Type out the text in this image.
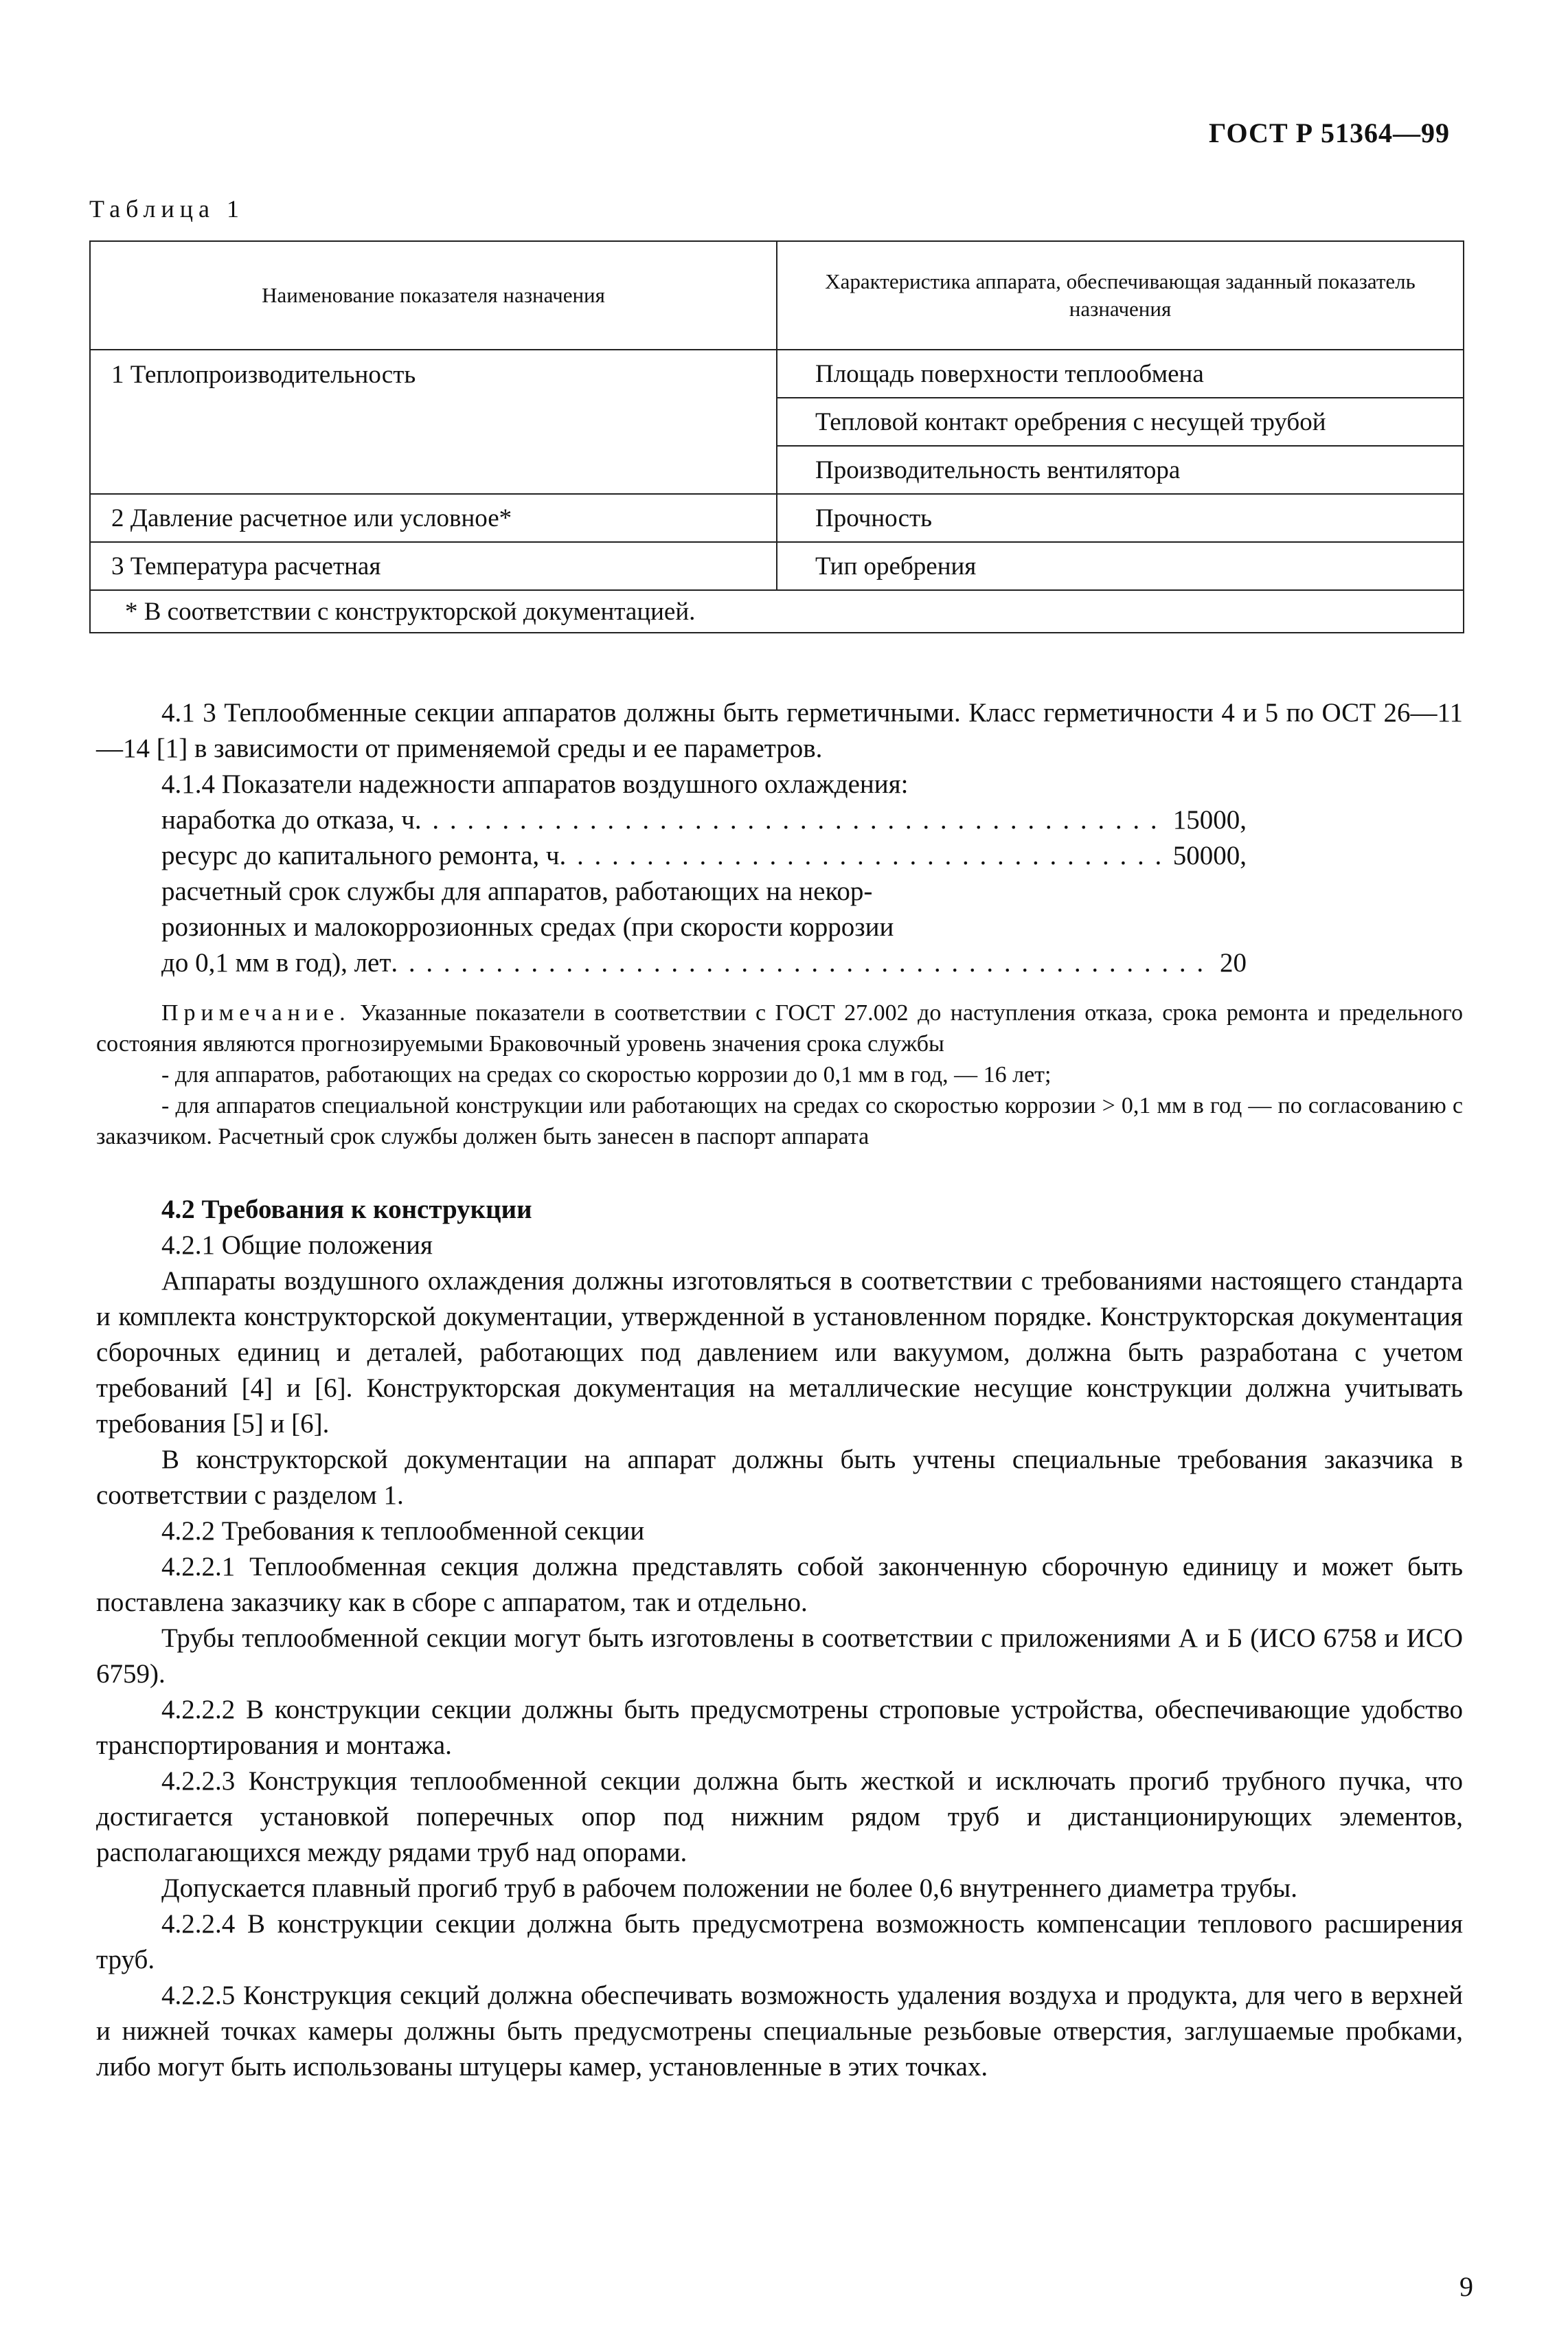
ГОСТ Р 51364—99
Таблица 1
Наименование показателя назначения	Характеристика аппарата, обеспечивающая заданный показатель назначения
1 Теплопроизводительность	Площадь поверхности теплообмена
	Тепловой контакт оребрения с несущей трубой
	Производительность вентилятора
2 Давление расчетное или условное*	Прочность
3 Температура расчетная	Тип оребрения
* В соответствии с конструкторской документацией.	

4.1 3 Теплообменные секции аппаратов должны быть герметичными. Класс герметичности 4 и 5 по ОСТ 26—11—14 [1] в зависимости от применяемой среды и ее параметров.

4.1.4 Показатели надежности аппаратов воздушного охлаждения:

наработка до отказа, ч . . .	15000,
ресурс до капитального ремонта, ч . . .	50000,
расчетный срок службы для аппаратов, работающих на некор-
розионных и малокоррозионных средах (при скорости коррозии
до 0,1 мм в год), лет . . .	20

Примечание. Указанные показатели в соответствии с ГОСТ 27.002 до наступления отказа, срока ремонта и предельного состояния являются прогнозируемыми Браковочный уровень значения срока службы

- для аппаратов, работающих на средах со скоростью коррозии до 0,1 мм в год, — 16 лет;

- для аппаратов специальной конструкции или работающих на средах со скоростью коррозии > 0,1 мм в год — по согласованию с заказчиком. Расчетный срок службы должен быть занесен в паспорт аппарата

4.2 Требования к конструкции

4.2.1 Общие положения

Аппараты воздушного охлаждения должны изготовляться в соответствии с требованиями настоящего стандарта и комплекта конструкторской документации, утвержденной в установленном порядке. Конструкторская документация сборочных единиц и деталей, работающих под давлением или вакуумом, должна быть разработана с учетом требований [4] и [6]. Конструкторская документация на металлические несущие конструкции должна учитывать требования [5] и [6].

В конструкторской документации на аппарат должны быть учтены специальные требования заказчика в соответствии с разделом 1.

4.2.2 Требования к теплообменной секции

4.2.2.1 Теплообменная секция должна представлять собой законченную сборочную единицу и может быть поставлена заказчику как в сборе с аппаратом, так и отдельно.

Трубы теплообменной секции могут быть изготовлены в соответствии с приложениями А и Б (ИСО 6758 и ИСО 6759).

4.2.2.2 В конструкции секции должны быть предусмотрены строповые устройства, обеспечивающие удобство транспортирования и монтажа.

4.2.2.3 Конструкция теплообменной секции должна быть жесткой и исключать прогиб трубного пучка, что достигается установкой поперечных опор под нижним рядом труб и дистанционирующих элементов, располагающихся между рядами труб над опорами.

Допускается плавный прогиб труб в рабочем положении не более 0,6 внутреннего диаметра трубы.

4.2.2.4 В конструкции секции должна быть предусмотрена возможность компенсации теплового расширения труб.

4.2.2.5 Конструкция секций должна обеспечивать возможность удаления воздуха и продукта, для чего в верхней и нижней точках камеры должны быть предусмотрены специальные резьбовые отверстия, заглушаемые пробками, либо могут быть использованы штуцеры камер, установленные в этих точках.

9
